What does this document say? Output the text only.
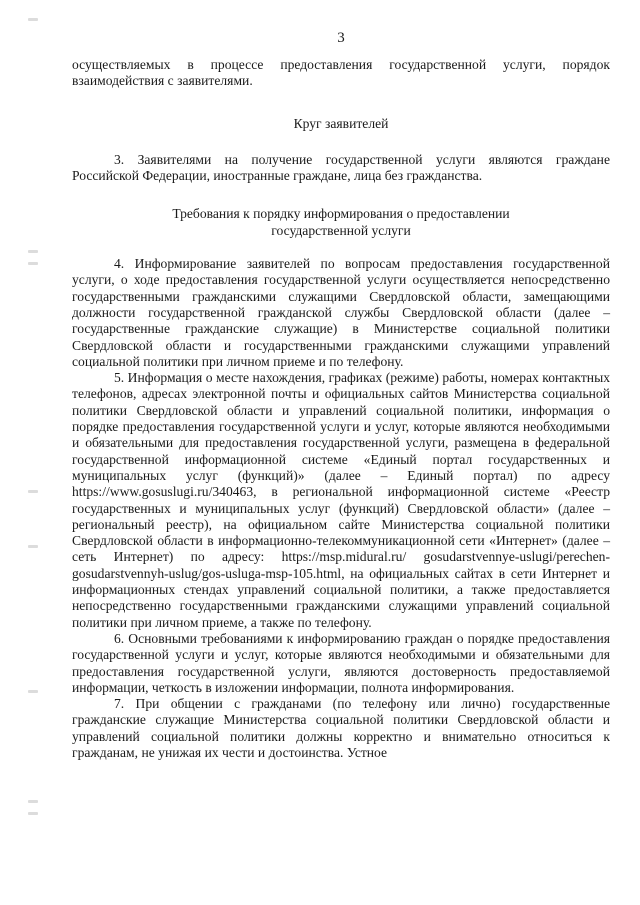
3

осуществляемых в процессе предоставления государственной услуги, порядок взаимодействия с заявителями.

Круг заявителей

3. Заявителями на получение государственной услуги являются граждане Российской Федерации, иностранные граждане, лица без гражданства.

Требования к порядку информирования о предоставлении

государственной услуги

4. Информирование заявителей по вопросам предоставления государственной услуги, о ходе предоставления государственной услуги осуществляется непосредственно государственными гражданскими служащими Свердловской области, замещающими должности государственной гражданской службы Свердловской области (далее – государственные гражданские служащие) в Министерстве социальной политики Свердловской области и государственными гражданскими служащими управлений социальной политики при личном приеме и по телефону.

5. Информация о месте нахождения, графиках (режиме) работы, номерах контактных телефонов, адресах электронной почты и официальных сайтов Министерства социальной политики Свердловской области и управлений социальной политики, информация о порядке предоставления государственной услуги и услуг, которые являются необходимыми и обязательными для предоставления государственной услуги, размещена в федеральной государственной информационной системе «Единый портал государственных и муниципальных услуг (функций)» (далее – Единый портал) по адресу https://www.gosuslugi.ru/340463, в региональной информационной системе «Реестр государственных и муниципальных услуг (функций) Свердловской области» (далее – региональный реестр), на официальном сайте Министерства социальной политики Свердловской области в информационно-телекоммуникационной сети «Интернет» (далее – сеть Интернет) по адресу: https://msp.midural.ru/ gosudarstvennye-uslugi/perechen-gosudarstvennyh-uslug/gos-usluga-msp-105.html, на официальных сайтах в сети Интернет и информационных стендах управлений социальной политики, а также предоставляется непосредственно государственными гражданскими служащими управлений социальной политики при личном приеме, а также по телефону.

6. Основными требованиями к информированию граждан о порядке предоставления государственной услуги и услуг, которые являются необходимыми и обязательными для предоставления государственной услуги, являются достоверность предоставляемой информации, четкость в изложении информации, полнота информирования.

7. При общении с гражданами (по телефону или лично) государственные гражданские служащие Министерства социальной политики Свердловской области и управлений социальной политики должны корректно и внимательно относиться к гражданам, не унижая их чести и достоинства. Устное
